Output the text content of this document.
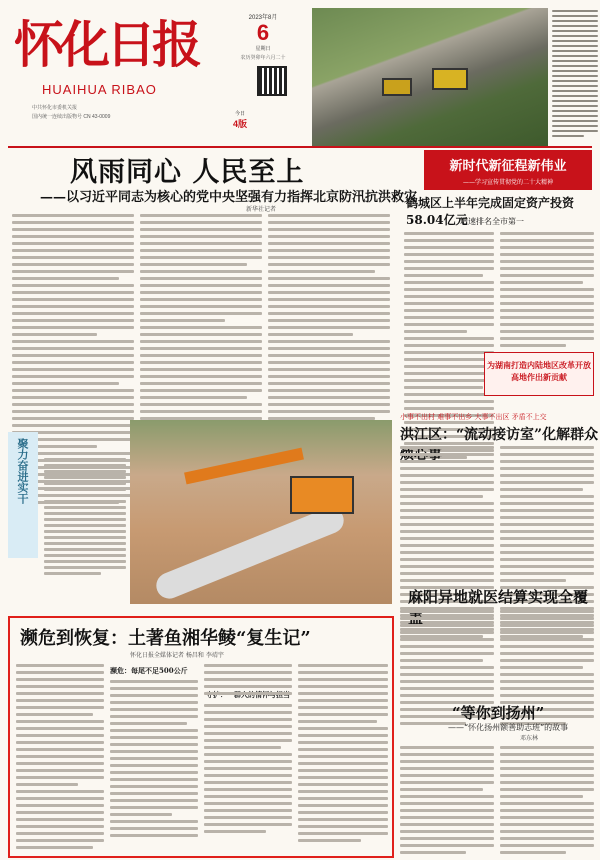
怀化日报
HUAIHUA RIBAO
中共怀化市委机关报
国内统一连续出版物号 CN 43-0009
2023年8月
6
星期日
农历癸卯年六月二十
今日
4版
风雨同心 人民至上
——以习近平同志为核心的党中央坚强有力指挥北京防汛抗洪救灾
新华社记者
新时代新征程新伟业
——学习宣传贯彻党的二十大精神
鹤城区上半年完成固定资产投资58.04亿元
增速排名全市第一
为湖南打造内陆地区改革开放高地作出新贡献
小事不出村 难事不出乡 大事不出区 矛盾不上交
洪江区：“流动接访室”化解群众
麻阳异地就医结算实现全覆盖
“等你到扬州”
——“怀化扬州额善助志班”的故事
邓东林
聚力奋进实干
濒危到恢复：土著鱼湘华鲮“复生记”
怀化日报全媒体记者 杨昌和 李靖宇
濒危：每尾不足500公斤
